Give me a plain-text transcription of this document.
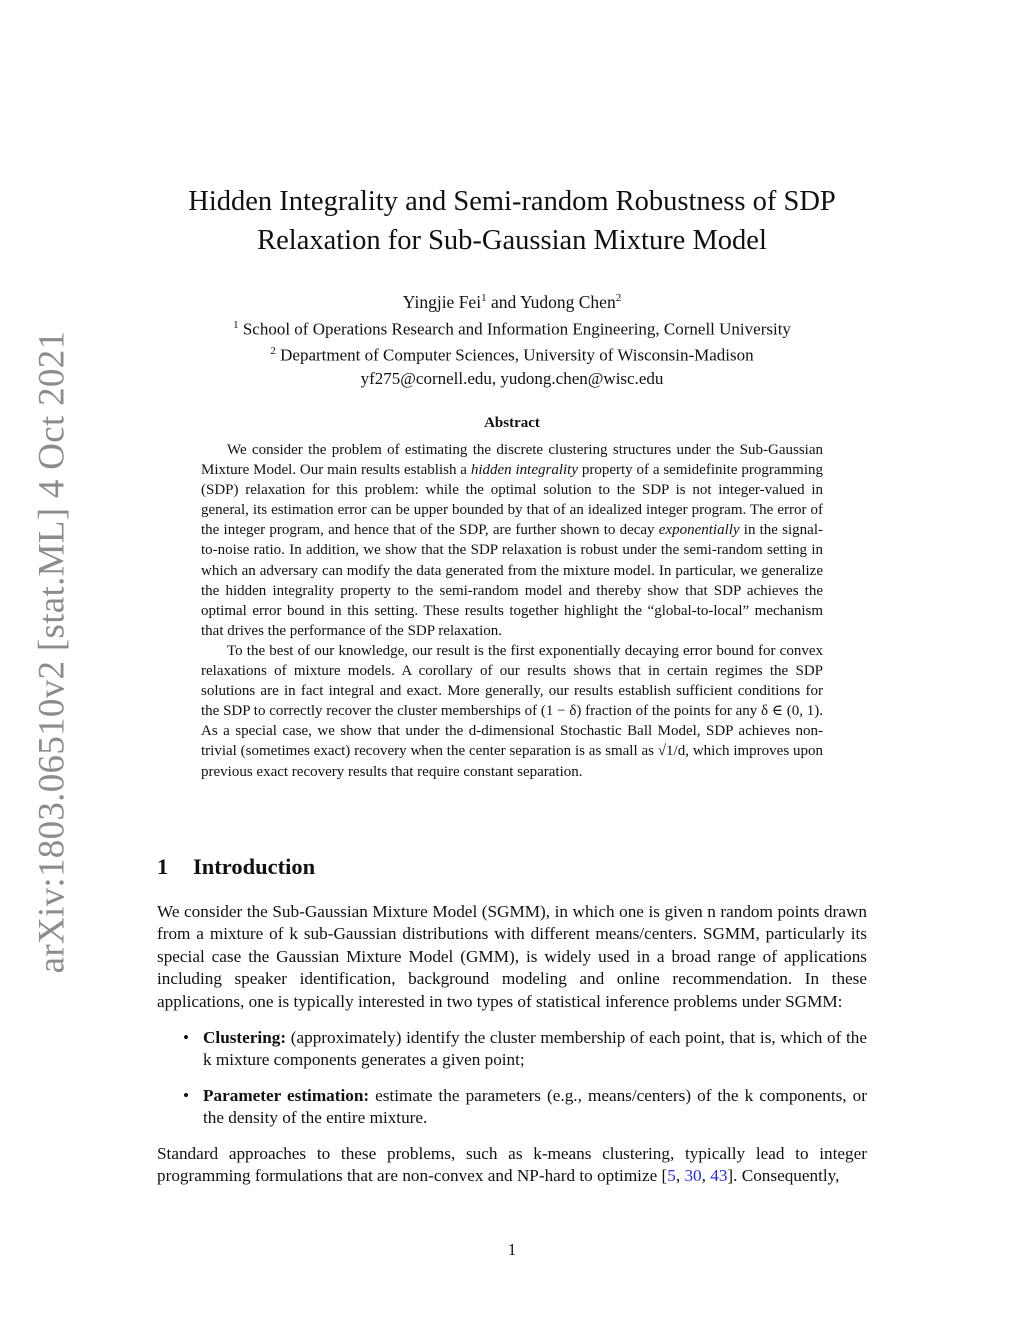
arXiv:1803.06510v2 [stat.ML] 4 Oct 2021
Hidden Integrality and Semi-random Robustness of SDP
Relaxation for Sub-Gaussian Mixture Model
Yingjie Fei$^1$ and Yudong Chen$^2$
$^1$ School of Operations Research and Information Engineering, Cornell University
$^2$ Department of Computer Sciences, University of Wisconsin-Madison
yf275@cornell.edu, yudong.chen@wisc.edu
Abstract

We consider the problem of estimating the discrete clustering structures under the Sub-Gaussian Mixture Model. Our main results establish a hidden integrality property of a semidefinite programming (SDP) relaxation for this problem: while the optimal solution to the SDP is not integer-valued in general, its estimation error can be upper bounded by that of an idealized integer program. The error of the integer program, and hence that of the SDP, are further shown to decay exponentially in the signal-to-noise ratio. In addition, we show that the SDP relaxation is robust under the semi-random setting in which an adversary can modify the data generated from the mixture model. In particular, we generalize the hidden integrality property to the semi-random model and thereby show that SDP achieves the optimal error bound in this setting. These results together highlight the “global-to-local” mechanism that drives the performance of the SDP relaxation.

To the best of our knowledge, our result is the first exponentially decaying error bound for convex relaxations of mixture models. A corollary of our results shows that in certain regimes the SDP solutions are in fact integral and exact. More generally, our results establish sufficient conditions for the SDP to correctly recover the cluster memberships of (1 − δ) fraction of the points for any δ ∈ (0, 1). As a special case, we show that under the d-dimensional Stochastic Ball Model, SDP achieves non-trivial (sometimes exact) recovery when the center separation is as small as √1/d, which improves upon previous exact recovery results that require constant separation.

1 Introduction

We consider the Sub-Gaussian Mixture Model (SGMM), in which one is given n random points drawn from a mixture of k sub-Gaussian distributions with different means/centers. SGMM, particularly its special case the Gaussian Mixture Model (GMM), is widely used in a broad range of applications including speaker identification, background modeling and online recommendation. In these applications, one is typically interested in two types of statistical inference problems under SGMM:

• Clustering: (approximately) identify the cluster membership of each point, that is, which of the k mixture components generates a given point;
• Parameter estimation: estimate the parameters (e.g., means/centers) of the k components, or the density of the entire mixture.

Standard approaches to these problems, such as k-means clustering, typically lead to integer programming formulations that are non-convex and NP-hard to optimize [5, 30, 43]. Consequently,

1
